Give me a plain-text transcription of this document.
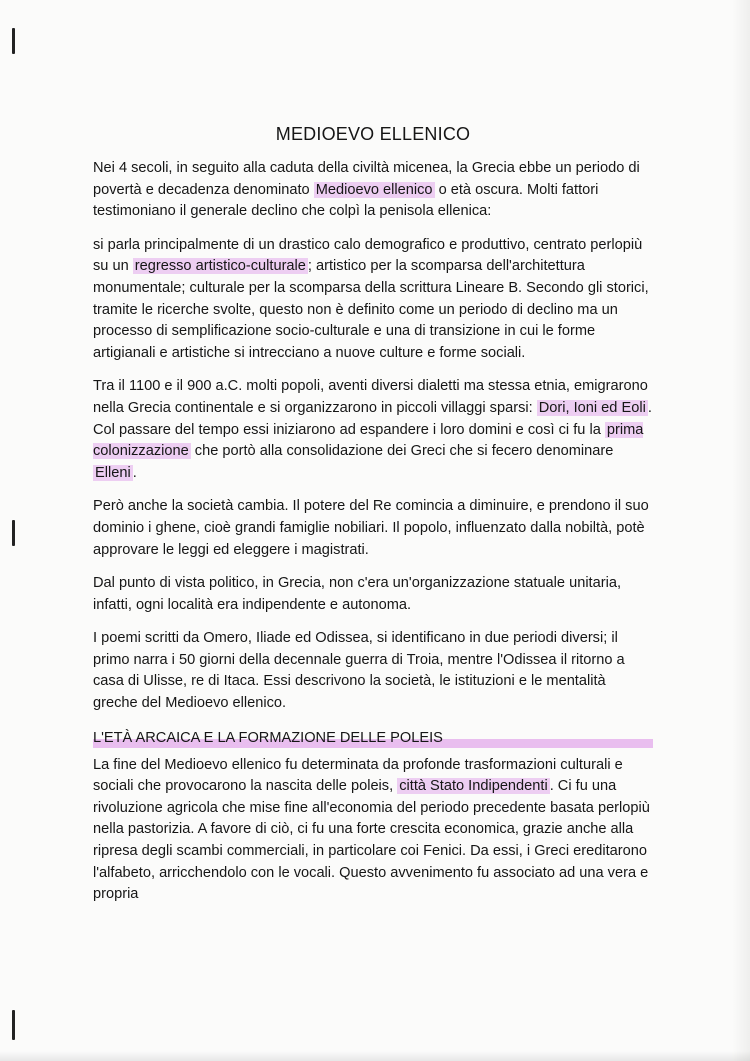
MEDIOEVO ELLENICO

Nei 4 secoli, in seguito alla caduta della civiltà micenea, la Grecia ebbe un periodo di povertà e decadenza denominato Medioevo ellenico o età oscura. Molti fattori testimoniano il generale declino che colpì la penisola ellenica:

si parla principalmente di un drastico calo demografico e produttivo, centrato perlopiù su un regresso artistico-culturale ; artistico per la scomparsa dell'architettura monumentale; culturale per la scomparsa della scrittura Lineare B. Secondo gli storici, tramite le ricerche svolte, questo non è definito come un periodo di declino ma un processo di semplificazione socio-culturale e una di transizione in cui le forme artigianali e artistiche si intrecciano a nuove culture e forme sociali.

Tra il 1100 e il 900 a.C. molti popoli, aventi diversi dialetti ma stessa etnia, emigrarono nella Grecia continentale e si organizzarono in piccoli villaggi sparsi: Dori, Ioni ed Eoli . Col passare del tempo essi iniziarono ad espandere i loro domini e così ci fu la prima colonizzazione che portò alla consolidazione dei Greci che si fecero denominare Elleni .

Però anche la società cambia. Il potere del Re comincia a diminuire, e prendono il suo dominio i ghene, cioè grandi famiglie nobiliari. Il popolo, influenzato dalla nobiltà, potè approvare le leggi ed eleggere i magistrati.

Dal punto di vista politico, in Grecia, non c'era un'organizzazione statuale unitaria, infatti, ogni località era indipendente e autonoma.

I poemi scritti da Omero, Iliade ed Odissea, si identificano in due periodi diversi; il primo narra i 50 giorni della decennale guerra di Troia, mentre l'Odissea il ritorno a casa di Ulisse, re di Itaca. Essi descrivono la società, le istituzioni e le mentalità greche del Medioevo ellenico.

L'ETÀ ARCAICA E LA FORMAZIONE DELLE POLEIS

La fine del Medioevo ellenico fu determinata da profonde trasformazioni culturali e sociali che provocarono la nascita delle poleis, città Stato Indipendenti . Ci fu una rivoluzione agricola che mise fine all'economia del periodo precedente basata perlopiù nella pastorizia. A favore di ciò, ci fu una forte crescita economica, grazie anche alla ripresa degli scambi commerciali, in particolare coi Fenici. Da essi, i Greci ereditarono l'alfabeto, arricchendolo con le vocali. Questo avvenimento fu associato ad una vera e propria
